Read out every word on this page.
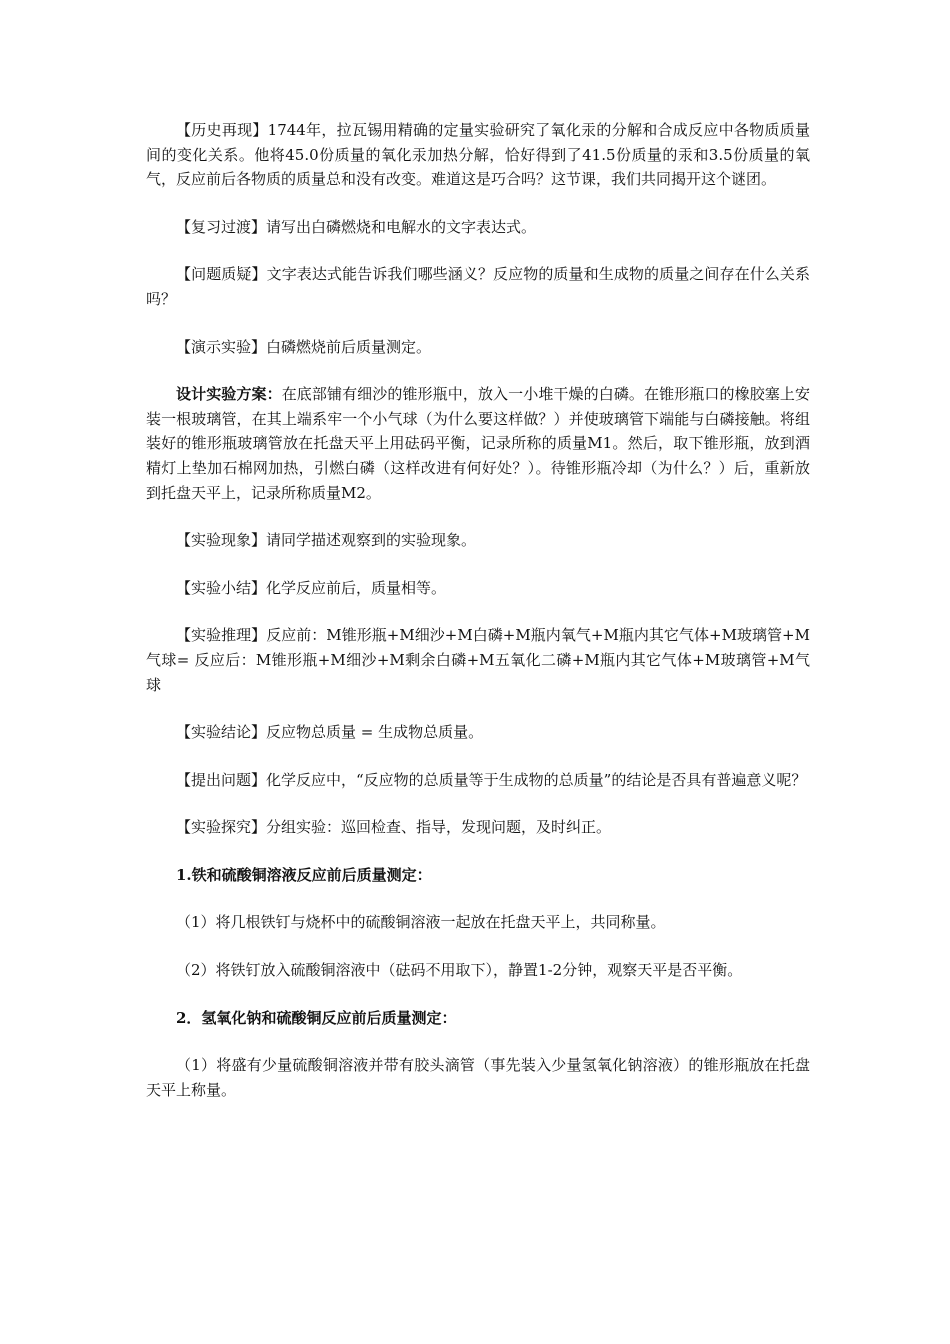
【历史再现】1744年，拉瓦锡用精确的定量实验研究了氧化汞的分解和合成反应中各物质质量间的变化关系。他将45.0份质量的氧化汞加热分解，恰好得到了41.5份质量的汞和3.5份质量的氧气，反应前后各物质的质量总和没有改变。难道这是巧合吗？这节课，我们共同揭开这个谜团。

【复习过渡】请写出白磷燃烧和电解水的文字表达式。

【问题质疑】文字表达式能告诉我们哪些涵义？反应物的质量和生成物的质量之间存在什么关系吗？

【演示实验】白磷燃烧前后质量测定。

设计实验方案：在底部铺有细沙的锥形瓶中，放入一小堆干燥的白磷。在锥形瓶口的橡胶塞上安装一根玻璃管，在其上端系牢一个小气球（为什么要这样做？）并使玻璃管下端能与白磷接触。将组装好的锥形瓶玻璃管放在托盘天平上用砝码平衡，记录所称的质量M1。然后，取下锥形瓶，放到酒精灯上垫加石棉网加热，引燃白磷（这样改进有何好处？）。待锥形瓶冷却（为什么？）后，重新放到托盘天平上，记录所称质量M2。

【实验现象】请同学描述观察到的实验现象。

【实验小结】化学反应前后，质量相等。

【实验推理】反应前：M锥形瓶+M细沙+M白磷+M瓶内氧气+M瓶内其它气体+M玻璃管+M气球= 反应后：M锥形瓶+M细沙+M剩余白磷+M五氧化二磷+M瓶内其它气体+M玻璃管+M气球

【实验结论】反应物总质量 = 生成物总质量。

【提出问题】化学反应中，“反应物的总质量等于生成物的总质量”的结论是否具有普遍意义呢？

【实验探究】分组实验：巡回检查、指导，发现问题，及时纠正。

1.铁和硫酸铜溶液反应前后质量测定：

（1）将几根铁钉与烧杯中的硫酸铜溶液一起放在托盘天平上，共同称量。

（2）将铁钉放入硫酸铜溶液中（砝码不用取下），静置1-2分钟，观察天平是否平衡。

2．氢氧化钠和硫酸铜反应前后质量测定：

（1）将盛有少量硫酸铜溶液并带有胶头滴管（事先装入少量氢氧化钠溶液）的锥形瓶放在托盘天平上称量。
